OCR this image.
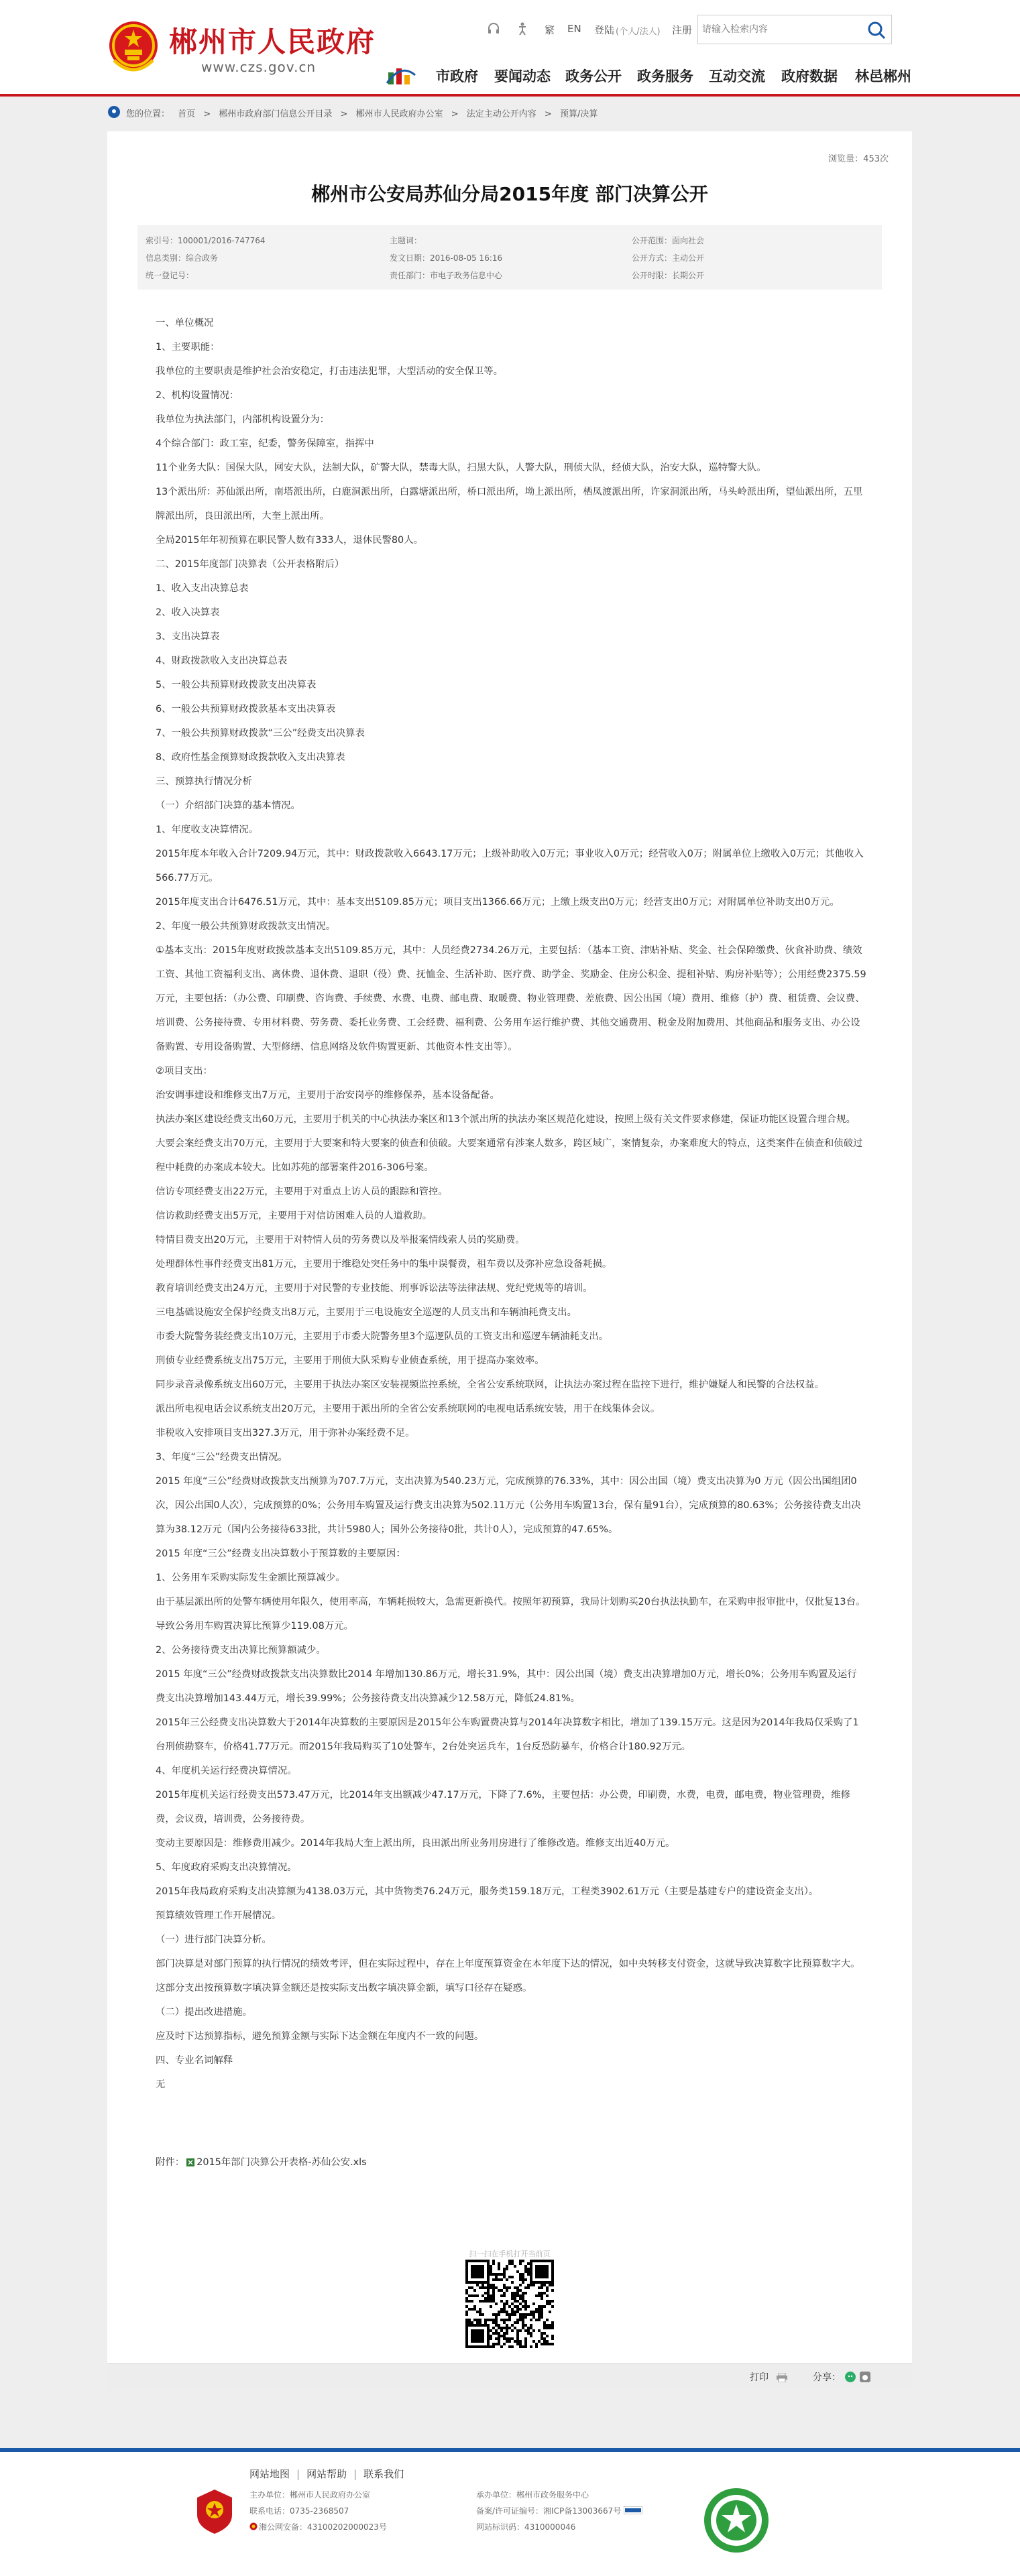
郴州市人民政府
www.czs.gov.cn
繁 EN 登陆 (个人/法人) 注册
请输入检索内容
市政府 要闻动态 政务公开 政务服务 互动交流 政府数据 林邑郴州
您的位置： 首页 > 郴州市政府部门信息公开目录 > 郴州市人民政府办公室 > 法定主动公开内容 > 预算/决算
浏览量：453次
郴州市公安局苏仙分局2015年度 部门决算公开
索引号：100001/2016-747764	主题词：	公开范围：面向社会
信息类别：综合政务	发文日期：2016-08-05 16:16	公开方式：主动公开
统一登记号：	责任部门：市电子政务信息中心	公开时限：长期公开

一、单位概况

1、主要职能：

我单位的主要职责是维护社会治安稳定，打击违法犯罪，大型活动的安全保卫等。

2、机构设置情况：

我单位为执法部门，内部机构设置分为：

4个综合部门：政工室，纪委，警务保障室，指挥中

11个业务大队：国保大队，网安大队，法制大队，矿警大队，禁毒大队，扫黑大队，人警大队，刑侦大队，经侦大队，治安大队，巡特警大队。

13个派出所：苏仙派出所，南塔派出所，白鹿洞派出所，白露塘派出所，桥口派出所，坳上派出所，栖凤渡派出所，许家洞派出所，马头岭派出所，望仙派出所，五里牌派出所，良田派出所，大奎上派出所。

全局2015年年初预算在职民警人数有333人，退休民警80人。

二、2015年度部门决算表（公开表格附后）

1、收入支出决算总表

2、收入决算表

3、支出决算表

4、财政拨款收入支出决算总表

5、一般公共预算财政拨款支出决算表

6、一般公共预算财政拨款基本支出决算表

7、一般公共预算财政拨款“三公”经费支出决算表

8、政府性基金预算财政拨款收入支出决算表

三、预算执行情况分析

（一）介绍部门决算的基本情况。

1、年度收支决算情况。

2015年度本年收入合计7209.94万元，其中：财政拨款收入6643.17万元；上级补助收入0万元；事业收入0万元；经营收入0万；附属单位上缴收入0万元；其他收入566.77万元。

2015年度支出合计6476.51万元，其中：基本支出5109.85万元；项目支出1366.66万元；上缴上级支出0万元；经营支出0万元；对附属单位补助支出0万元。

2、年度一般公共预算财政拨款支出情况。

①基本支出：2015年度财政拨款基本支出5109.85万元，其中：人员经费2734.26万元，主要包括：（基本工资、津贴补贴、奖金、社会保障缴费、伙食补助费、绩效工资、其他工资福利支出、离休费、退休费、退职（役）费、抚恤金、生活补助、医疗费、助学金、奖励金、住房公积金、提租补贴、购房补贴等）；公用经费2375.59万元，主要包括：（办公费、印刷费、咨询费、手续费、水费、电费、邮电费、取暖费、物业管理费、差旅费、因公出国（境）费用、维修（护）费、租赁费、会议费、培训费、公务接待费、专用材料费、劳务费、委托业务费、工会经费、福利费、公务用车运行维护费、其他交通费用、税金及附加费用、其他商品和服务支出、办公设备购置、专用设备购置、大型修缮、信息网络及软件购置更新、其他资本性支出等）。

②项目支出：

治安调事建设和维修支出7万元，主要用于治安岗亭的维修保养，基本设备配备。

执法办案区建设经费支出60万元，主要用于机关的中心执法办案区和13个派出所的执法办案区规范化建设，按照上级有关文件要求修建，保证功能区设置合理合规。

大要会案经费支出70万元，主要用于大要案和特大要案的侦查和侦破。大要案通常有涉案人数多，跨区域广，案情复杂，办案难度大的特点，这类案件在侦查和侦破过程中耗费的办案成本较大。比如苏苑的部署案件2016-306号案。

信访专项经费支出22万元，主要用于对重点上访人员的跟踪和管控。

信访救助经费支出5万元，主要用于对信访困难人员的人道救助。

特情目费支出20万元，主要用于对特情人员的劳务费以及举报案情线索人员的奖励费。

处理群体性事件经费支出81万元，主要用于维稳处突任务中的集中误餐费，租车费以及弥补应急设备耗损。

教育培训经费支出24万元，主要用于对民警的专业技能、刑事诉讼法等法律法规、党纪党规等的培训。

三电基础设施安全保护经费支出8万元，主要用于三电设施安全巡逻的人员支出和车辆油耗费支出。

市委大院警务装经费支出10万元，主要用于市委大院警务里3个巡逻队员的工资支出和巡逻车辆油耗支出。

刑侦专业经费系统支出75万元，主要用于刑侦大队采购专业侦查系统，用于提高办案效率。

同步录音录像系统支出60万元，主要用于执法办案区安装视频监控系统，全省公安系统联网，让执法办案过程在监控下进行，维护嫌疑人和民警的合法权益。

派出所电视电话会议系统支出20万元，主要用于派出所的全省公安系统联网的电视电话系统安装，用于在线集体会议。

非税收入安排项目支出327.3万元，用于弥补办案经费不足。

3、年度“三公”经费支出情况。

2015 年度“三公”经费财政拨款支出预算为707.7万元，支出决算为540.23万元，完成预算的76.33%，其中：因公出国（境）费支出决算为0 万元（因公出国组团0次，因公出国0人次），完成预算的0%；公务用车购置及运行费支出决算为502.11万元（公务用车购置13台，保有量91台），完成预算的80.63%；公务接待费支出决算为38.12万元（国内公务接待633批，共计5980人；国外公务接待0批，共计0人），完成预算的47.65%。

2015 年度“三公”经费支出决算数小于预算数的主要原因：

1、公务用车采购实际发生金额比预算减少。

由于基层派出所的处警车辆使用年限久，使用率高，车辆耗损较大，急需更新换代。按照年初预算，我局计划购买20台执法执勤车，在采购申报审批中，仅批复13台。导致公务用车购置决算比预算少119.08万元。

2、公务接待费支出决算比预算额减少。

2015 年度“三公”经费财政拨款支出决算数比2014 年增加130.86万元，增长31.9%，其中：因公出国（境）费支出决算增加0万元，增长0%；公务用车购置及运行费支出决算增加143.44万元，增长39.99%；公务接待费支出决算减少12.58万元，降低24.81%。

2015年三公经费支出决算数大于2014年决算数的主要原因是2015年公车购置费决算与2014年决算数字相比，增加了139.15万元。这是因为2014年我局仅采购了1台刑侦勘察车，价格41.77万元。而2015年我局购买了10处警车，2台处突运兵车，1台反恐防暴车，价格合计180.92万元。

4、年度机关运行经费决算情况。

2015年度机关运行经费支出573.47万元，比2014年支出额减少47.17万元，下降了7.6%，主要包括：办公费，印刷费，水费，电费，邮电费，物业管理费，维修费，会议费，培训费，公务接待费。

变动主要原因是：维修费用减少。2014年我局大奎上派出所，良田派出所业务用房进行了维修改造。维修支出近40万元。

5、年度政府采购支出决算情况。

2015年我局政府采购支出决算额为4138.03万元，其中货物类76.24万元，服务类159.18万元，工程类3902.61万元（主要是基建专户的建设资金支出）。

预算绩效管理工作开展情况。

（一）进行部门决算分析。

部门决算是对部门预算的执行情况的绩效考评，但在实际过程中，存在上年度预算资金在本年度下达的情况，如中央转移支付资金，这就导致决算数字比预算数字大。这部分支出按预算数字填决算金额还是按实际支出数字填决算金额，填写口径存在疑惑。

（二）提出改进措施。

应及时下达预算指标，避免预算金额与实际下达金额在年度内不一致的问题。

四、专业名词解释

无

附件： 2015年部门决算公开表格-苏仙公安.xls
扫一扫在手机打开当前页
打印	分享：
网站地图 | 网站帮助 | 联系我们
主办单位：郴州市人民政府办公室
联系电话：0735-2368507
湘公网安备：43100202000023号
承办单位：郴州市政务服务中心
备案/许可证编号：湘ICP备13003667号
网站标识码：4310000046
